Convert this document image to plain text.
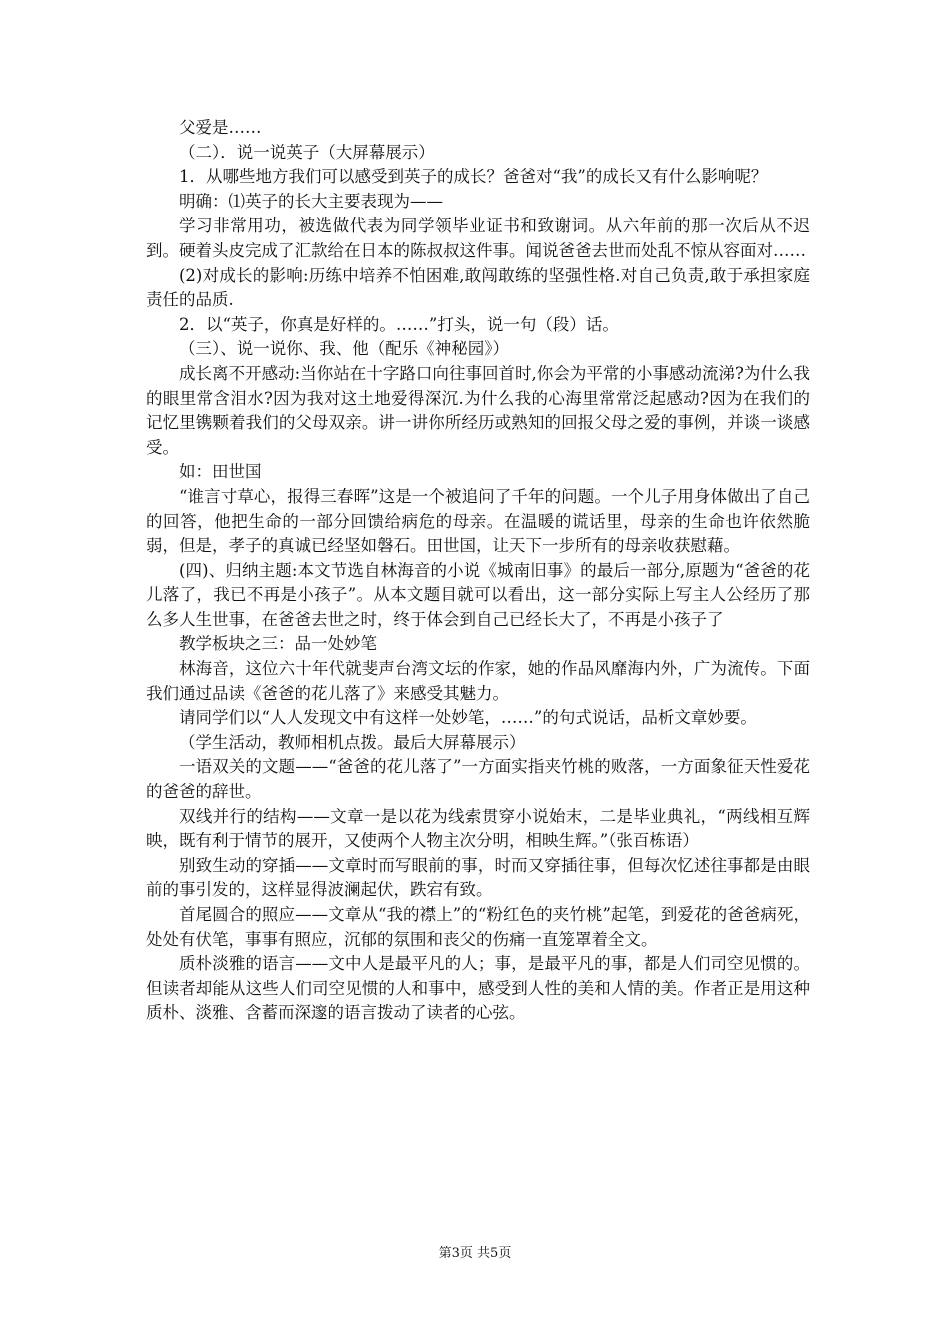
父爱是……

（二）．说一说英子（大屏幕展示）

1．从哪些地方我们可以感受到英子的成长？爸爸对“我”的成长又有什么影响呢？

明确：⑴英子的长大主要表现为——

学习非常用功，被选做代表为同学领毕业证书和致谢词。从六年前的那一次后从不迟到。硬着头皮完成了汇款给在日本的陈叔叔这件事。闻说爸爸去世而处乱不惊从容面对……

(2)对成长的影响:历练中培养不怕困难,敢闯敢练的坚强性格.对自己负责,敢于承担家庭责任的品质.

2．以“英子，你真是好样的。……”打头，说一句（段）话。

（三）、说一说你、我、他（配乐《神秘园》）

成长离不开感动:当你站在十字路口向往事回首时,你会为平常的小事感动流涕?为什么我的眼里常含泪水?因为我对这土地爱得深沉.为什么我的心海里常常泛起感动?因为在我们的记忆里镌颗着我们的父母双亲。讲一讲你所经历或熟知的回报父母之爱的事例，并谈一谈感受。

如：田世国

“谁言寸草心，报得三春晖”这是一个被追问了千年的问题。一个儿子用身体做出了自己的回答，他把生命的一部分回馈给病危的母亲。在温暖的谎话里，母亲的生命也许依然脆弱，但是，孝子的真诚已经坚如磐石。田世国，让天下一步所有的母亲收获慰藉。

(四)、归纳主题:本文节选自林海音的小说《城南旧事》的最后一部分,原题为“爸爸的花儿落了，我已不再是小孩子”。从本文题目就可以看出，这一部分实际上写主人公经历了那么多人生世事，在爸爸去世之时，终于体会到自己已经长大了，不再是小孩子了

教学板块之三：品一处妙笔

林海音，这位六十年代就斐声台湾文坛的作家，她的作品风靡海内外，广为流传。下面我们通过品读《爸爸的花儿落了》来感受其魅力。

请同学们以“人人发现文中有这样一处妙笔，……”的句式说话，品析文章妙要。

（学生活动，教师相机点拨。最后大屏幕展示）

一语双关的文题——“爸爸的花儿落了”一方面实指夹竹桃的败落，一方面象征天性爱花的爸爸的辞世。

双线并行的结构——文章一是以花为线索贯穿小说始末，二是毕业典礼，“两线相互辉映，既有利于情节的展开，又使两个人物主次分明，相映生辉。”（张百栋语）

别致生动的穿插——文章时而写眼前的事，时而又穿插往事，但每次忆述往事都是由眼前的事引发的，这样显得波澜起伏，跌宕有致。

首尾圆合的照应——文章从“我的襟上”的“粉红色的夹竹桃”起笔，到爱花的爸爸病死，处处有伏笔，事事有照应，沉郁的氛围和丧父的伤痛一直笼罩着全文。

质朴淡雅的语言——文中人是最平凡的人；事，是最平凡的事，都是人们司空见惯的。但读者却能从这些人们司空见惯的人和事中，感受到人性的美和人情的美。作者正是用这种质朴、淡雅、含蓄而深邃的语言拨动了读者的心弦。

第3页 共5页
